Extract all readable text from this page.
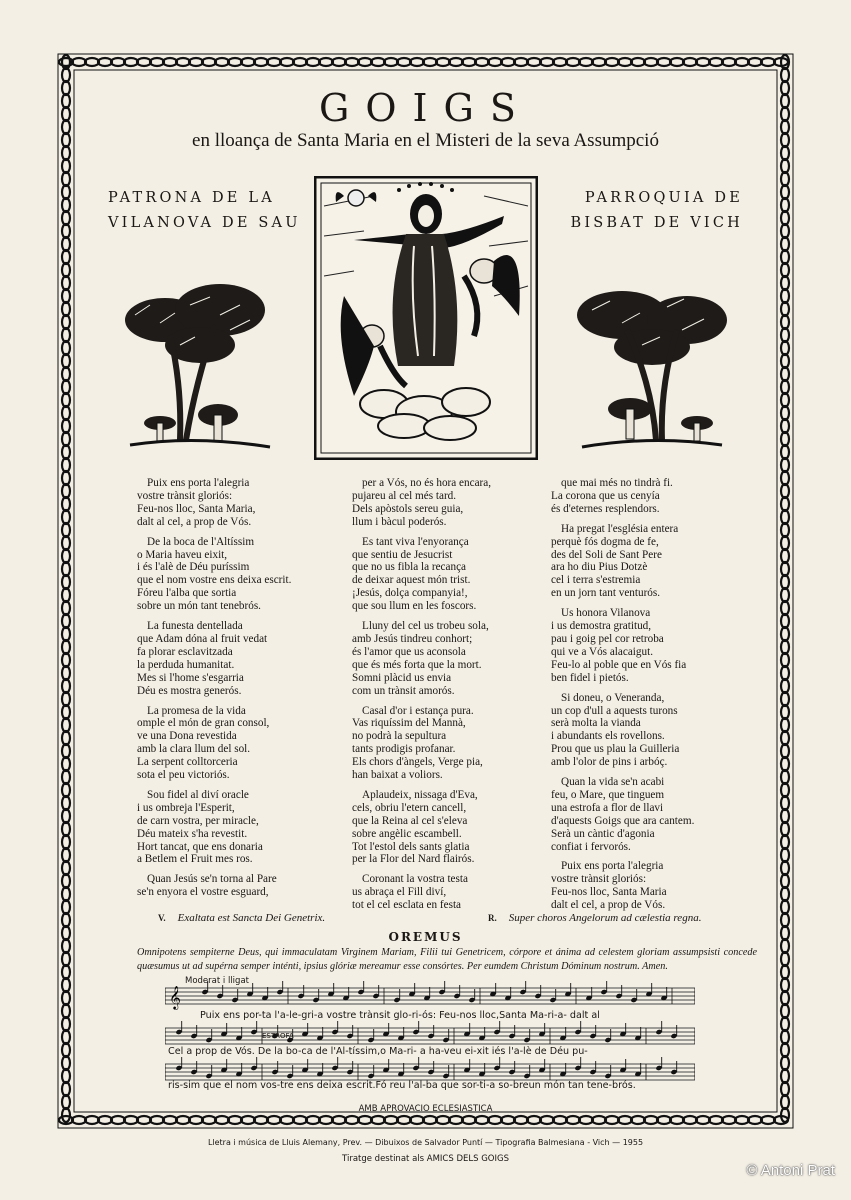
GOIGS
en lloança de Santa Maria en el Misteri de la seva Assumpció
PATRONA DE LA
VILANOVA DE SAU
PARROQUIA DE
BISBAT DE VICH
Puix ens porta l'alegria
vostre trànsit gloriós:
Feu-nos lloc, Santa Maria,
dalt al cel, a prop de Vós.
De la boca de l'Altíssim
o Maria haveu eixit,
i és l'alè de Déu puríssim
que el nom vostre ens deixa escrit.
Fóreu l'alba que sortia
sobre un món tant tenebrós.
La funesta dentellada
que Adam dóna al fruit vedat
fa plorar esclavitzada
la perduda humanitat.
Mes si l'home s'esgarria
Déu es mostra generós.
La promesa de la vida
omple el món de gran consol,
ve una Dona revestida
amb la clara llum del sol.
La serpent colltorceria
sota el peu victoriós.
Sou fidel al diví oracle
i us ombreja l'Esperit,
de carn vostra, per miracle,
Déu mateix s'ha revestit.
Hort tancat, que ens donaria
a Betlem el Fruit mes ros.
Quan Jesús se'n torna al Pare
se'n enyora el vostre esguard,
per a Vós, no és hora encara,
pujareu al cel més tard.
Dels apòstols sereu guia,
llum i bàcul poderós.
Es tant viva l'enyorança
que sentiu de Jesucrist
que no us fibla la recança
de deixar aquest món trist.
¡Jesús, dolça companyia!,
que sou llum en les foscors.
Lluny del cel us trobeu sola,
amb Jesús tindreu conhort;
és l'amor que us aconsola
que és més forta que la mort.
Somni plàcid us envia
com un trànsit amorós.
Casal d'or i estança pura.
Vas riquíssim del Mannà,
no podrà la sepultura
tants prodigis profanar.
Els chors d'àngels, Verge pia,
han baixat a voliors.
Aplaudeix, nissaga d'Eva,
cels, obriu l'etern cancell,
que la Reina al cel s'eleva
sobre angèlic escambell.
Tot l'estol dels sants glatia
per la Flor del Nard flairós.
Coronant la vostra testa
us abraça el Fill diví,
tot el cel esclata en festa
que mai més no tindrà fi.
La corona que us cenyía
és d'eternes resplendors.
Ha pregat l'església entera
perquè fós dogma de fe,
des del Soli de Sant Pere
ara ho diu Pius Dotzè
cel i terra s'estremia
en un jorn tant venturós.
Us honora Vilanova
i us demostra gratitud,
pau i goig pel cor retroba
qui ve a Vós alacaigut.
Feu-lo al poble que en Vós fia
ben fidel i pietós.
Si doneu, o Veneranda,
un cop d'ull a aquests turons
serà molta la vianda
i abundants els rovellons.
Prou que us plau la Guilleria
amb l'olor de pins i arbóç.
Quan la vida se'n acabi
feu, o Mare, que tinguem
una estrofa a flor de llavi
d'aquests Goigs que ara cantem.
Serà un càntic d'agonia
confiat i fervorós.
Puix ens porta l'alegria
vostre trànsit gloriós:
Feu-nos lloc, Santa Maria
dalt el cel, a prop de Vós.
V. Exaltata est Sancta Dei Genetrix.	R. Super choros Angelorum ad cælestia regna.
OREMUS
Omnipotens sempiterne Deus, qui immaculatam Virginem Mariam, Filii tui Genetricem, córpore et ánima ad celestem gloriam assumpsisti concede quæsumus ut ad supérna semper inténti, ipsius glóriæ mereamur esse consórtes. Per eumdem Christum Dóminum nostrum. Amen.
Moderat i lligat
𝄞
Puix ens por-ta l'a-le-gri-a vostre trànsit glo-ri-ós: Feu-nos lloc,Santa Ma-ri-a- dalt al
Cel a prop de Vós. De la bo-ca de l'Al-tíssim,o Ma-ri- a ha-veu ei-xit iés l'a-lè de Déu pu-
ris-sim que el nom vos-tre ens deixa escrit.Fó reu l'al-ba que sor-ti-a so-breun món tan tene-brós.
ESTROFA
AMB APROVACIO ECLESIASTICA
Lletra i música de Lluis Alemany, Prev. — Dibuixos de Salvador Puntí — Tipografia Balmesiana - Vich — 1955
Tiratge destinat als AMICS DELS GOIGS
© Antoni Prat
